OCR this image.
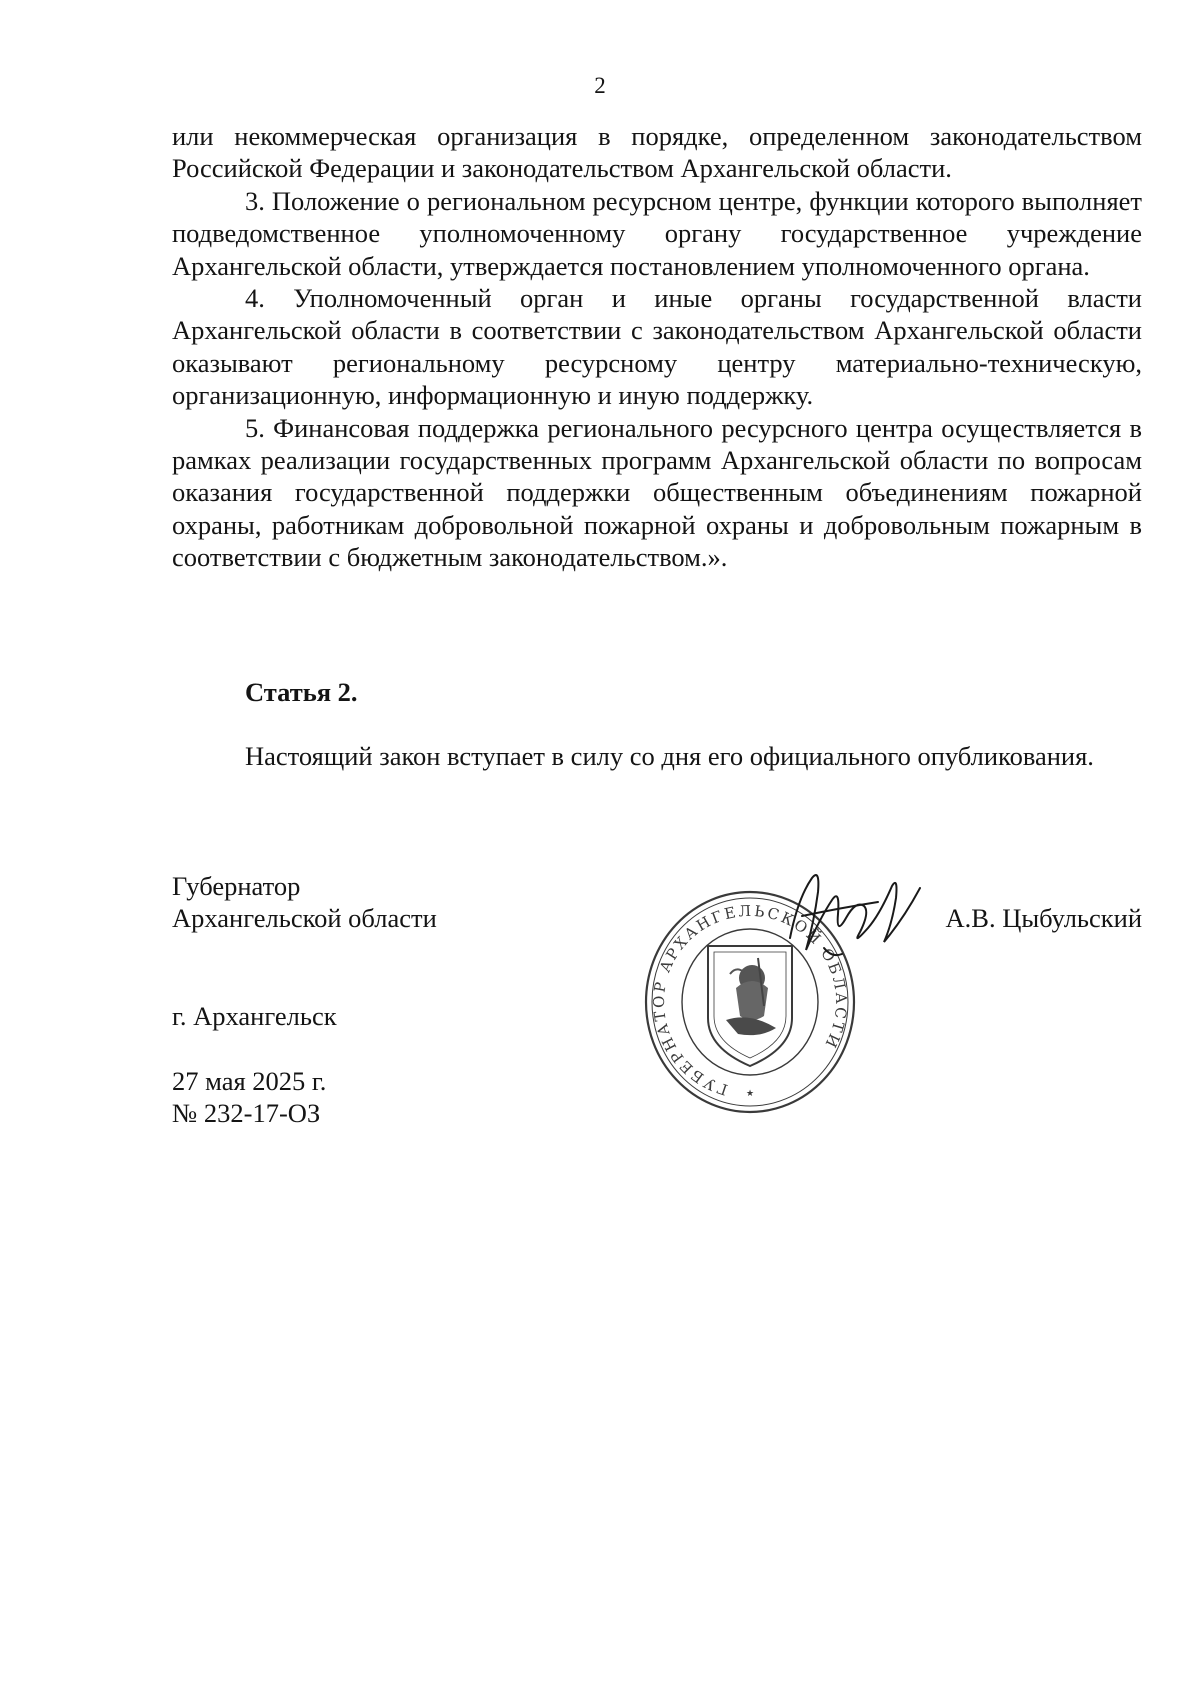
2

или некоммерческая организация в порядке, определенном законодательством Российской Федерации и законодательством Архангельской области.

3. Положение о региональном ресурсном центре, функции которого выполняет подведомственное уполномоченному органу государственное учреждение Архангельской области, утверждается постановлением уполномоченного органа.

4. Уполномоченный орган и иные органы государственной власти Архангельской области в соответствии с законодательством Архангельской области оказывают региональному ресурсному центру материально-техническую, организационную, информационную и иную поддержку.

5. Финансовая поддержка регионального ресурсного центра осуществляется в рамках реализации государственных программ Архангельской области по вопросам оказания государственной поддержки общественным объединениям пожарной охраны, работникам добровольной пожарной охраны и добровольным пожарным в соответствии с бюджетным законодательством.».

Статья 2.

Настоящий закон вступает в силу со дня его официального опубликования.

Губернатор
Архангельской области	А.В. Цыбульский
ГУБЕРНАТОР АРХАНГЕЛЬСКОЙ ОБЛАСТИ
★
г. Архангельск
27 мая 2025 г.
№ 232-17-ОЗ
